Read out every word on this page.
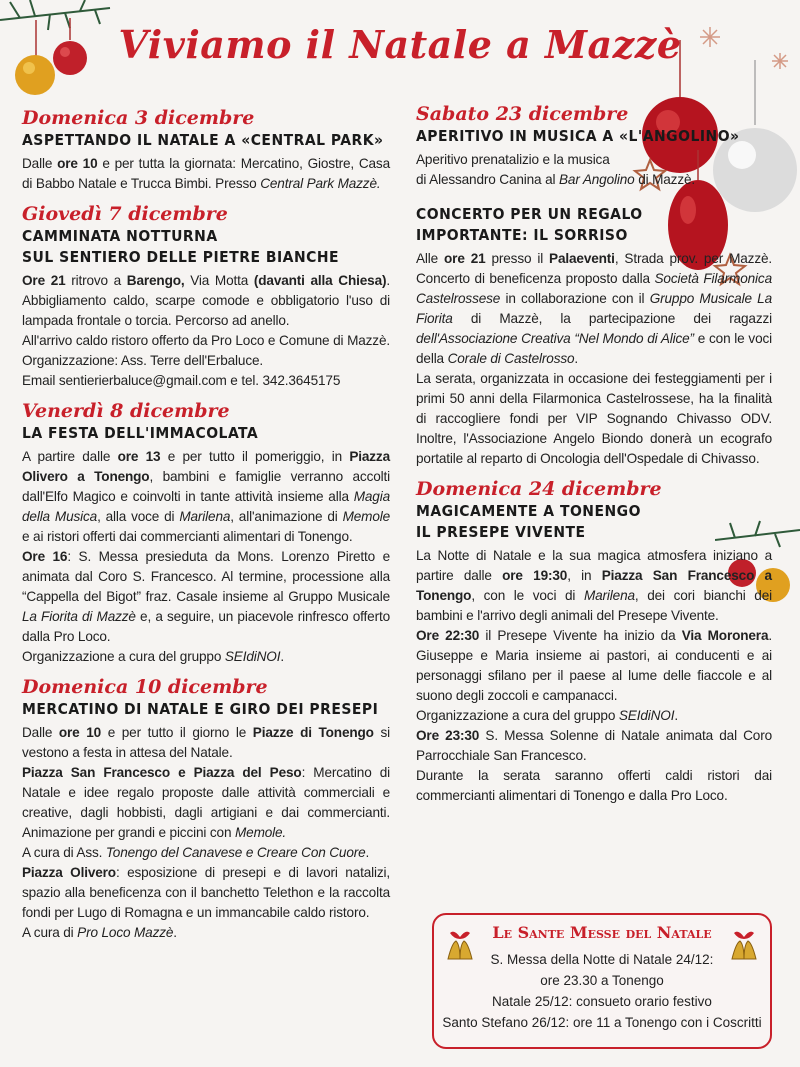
Viviamo il Natale a Mazzè
Domenica 3 dicembre
ASPETTANDO IL NATALE A «CENTRAL PARK»

Dalle ore 10 e per tutta la giornata: Mercatino, Giostre, Casa di Babbo Natale e Trucca Bimbi. Presso Central Park Mazzè.

Giovedì 7 dicembre
CAMMINATA NOTTURNA
SUL SENTIERO DELLE PIETRE BIANCHE

Ore 21 ritrovo a Barengo, Via Motta (davanti alla Chiesa). Abbigliamento caldo, scarpe comode e obbligatorio l'uso di lampada frontale o torcia. Percorso ad anello.

All'arrivo caldo ristoro offerto da Pro Loco e Comune di Mazzè. Organizzazione: Ass. Terre dell'Erbaluce.

Email sentierierbaluce@gmail.com e tel. 342.3645175

Venerdì 8 dicembre
LA FESTA DELL'IMMACOLATA

A partire dalle ore 13 e per tutto il pomeriggio, in Piazza Olivero a Tonengo, bambini e famiglie verranno accolti dall'Elfo Magico e coinvolti in tante attività insieme alla Magia della Musica, alla voce di Marilena, all'animazione di Memole e ai ristori offerti dai commercianti alimentari di Tonengo.

Ore 16: S. Messa presieduta da Mons. Lorenzo Piretto e animata dal Coro S. Francesco. Al termine, processione alla “Cappella del Bigot” fraz. Casale insieme al Gruppo Musicale La Fiorita di Mazzè e, a seguire, un piacevole rinfresco offerto dalla Pro Loco.

Organizzazione a cura del gruppo SEIdiNOI.

Domenica 10 dicembre
MERCATINO DI NATALE E GIRO DEI PRESEPI

Dalle ore 10 e per tutto il giorno le Piazze di Tonengo si vestono a festa in attesa del Natale.

Piazza San Francesco e Piazza del Peso: Mercatino di Natale e idee regalo proposte dalle attività commerciali e creative, dagli hobbisti, dagli artigiani e dai commercianti. Animazione per grandi e piccini con Memole.

A cura di Ass. Tonengo del Canavese e Creare Con Cuore.

Piazza Olivero: esposizione di presepi e di lavori natalizi, spazio alla beneficenza con il banchetto Telethon e la raccolta fondi per Lugo di Romagna e un immancabile caldo ristoro.

A cura di Pro Loco Mazzè.

Sabato 23 dicembre
APERITIVO IN MUSICA A «L'ANGOLINO»

Aperitivo prenatalizio e la musica
di Alessandro Canina al Bar Angolino di Mazzè.

CONCERTO PER UN REGALO
IMPORTANTE: IL SORRISO

Alle ore 21 presso il Palaeventi, Strada prov. per Mazzè. Concerto di beneficenza proposto dalla Società Filarmonica Castelrossese in collaborazione con il Gruppo Musicale La Fiorita di Mazzè, la partecipazione dei ragazzi dell'Associazione Creativa “Nel Mondo di Alice” e con le voci della Corale di Castelrosso.

La serata, organizzata in occasione dei festeggiamenti per i primi 50 anni della Filarmonica Castelrossese, ha la finalità di raccogliere fondi per VIP Sognando Chivasso ODV. Inoltre, l'Associazione Angelo Biondo donerà un ecografo portatile al reparto di Oncologia dell'Ospedale di Chivasso.

Domenica 24 dicembre
MAGICAMENTE A TONENGO
IL PRESEPE VIVENTE

La Notte di Natale e la sua magica atmosfera iniziano a partire dalle ore 19:30, in Piazza San Francesco a Tonengo, con le voci di Marilena, dei cori bianchi dei bambini e l'arrivo degli animali del Presepe Vivente.

Ore 22:30 il Presepe Vivente ha inizio da Via Moronera. Giuseppe e Maria insieme ai pastori, ai conducenti e ai personaggi sfilano per il paese al lume delle fiaccole e al suono degli zoccoli e campanacci.

Organizzazione a cura del gruppo SEIdiNOI.

Ore 23:30 S. Messa Solenne di Natale animata dal Coro Parrocchiale San Francesco.

Durante la serata saranno offerti caldi ristori dai commercianti alimentari di Tonengo e dalla Pro Loco.

Le Sante Messe del Natale
S. Messa della Notte di Natale 24/12:
ore 23.30 a Tonengo
Natale 25/12: consueto orario festivo
Santo Stefano 26/12: ore 11 a Tonengo con i Coscritti
